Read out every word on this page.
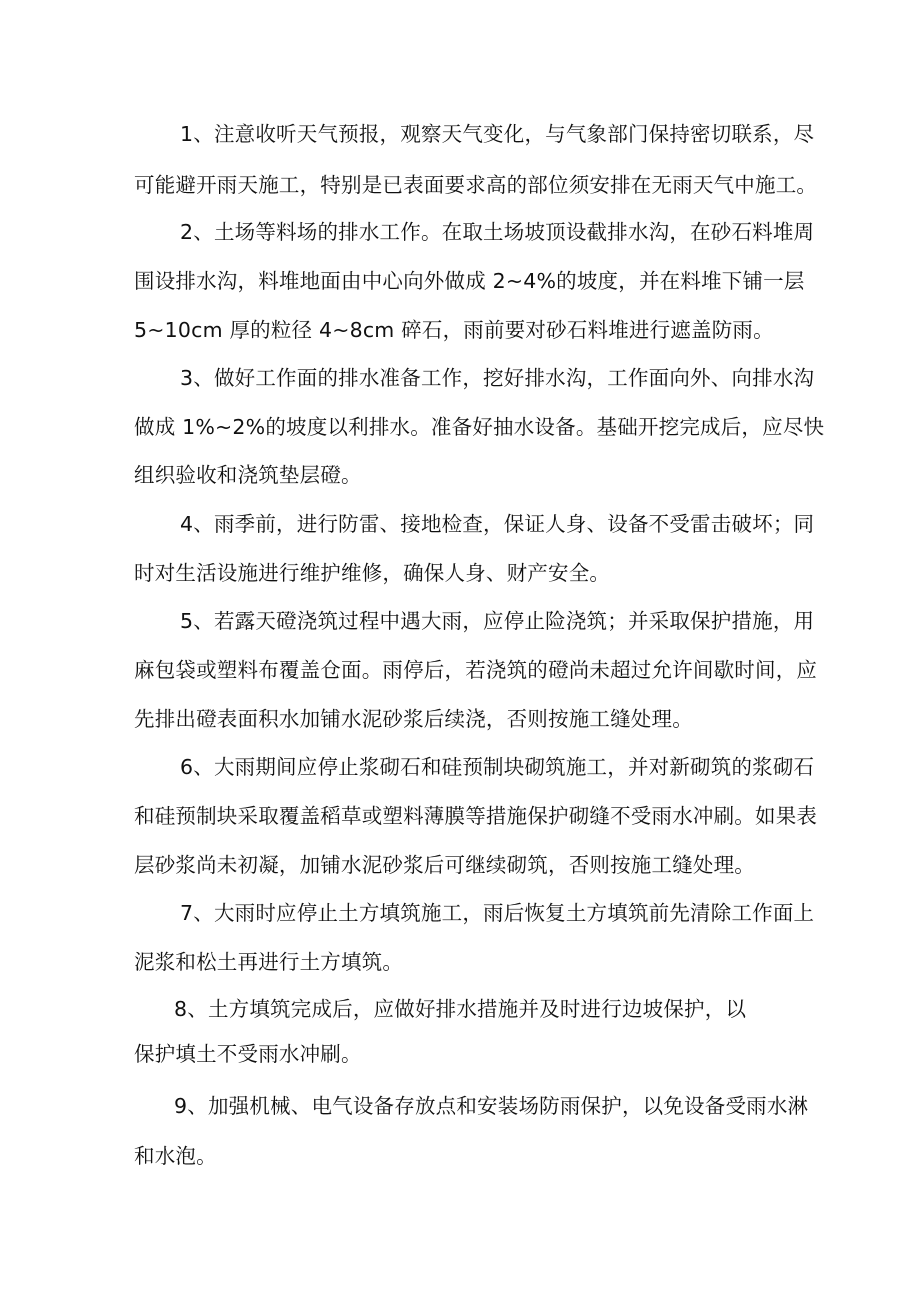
1、注意收听天气预报，观察天气变化，与气象部门保持密切联系，尽
可能避开雨天施工，特别是已表面要求高的部位须安排在无雨天气中施工。
2、土场等料场的排水工作。在取土场坡顶设截排水沟，在砂石料堆周
围设排水沟，料堆地面由中心向外做成 2~4%的坡度，并在料堆下铺一层
5~10cm 厚的粒径 4~8cm 碎石，雨前要对砂石料堆进行遮盖防雨。
3、做好工作面的排水准备工作，挖好排水沟，工作面向外、向排水沟
做成 1%~2%的坡度以利排水。准备好抽水设备。基础开挖完成后，应尽快
组织验收和浇筑垫层磴。
4、雨季前，进行防雷、接地检查，保证人身、设备不受雷击破坏；同
时对生活设施进行维护维修，确保人身、财产安全。
5、若露天磴浇筑过程中遇大雨，应停止险浇筑；并采取保护措施，用
麻包袋或塑料布覆盖仓面。雨停后，若浇筑的磴尚未超过允许间歇时间，应
先排出磴表面积水加铺水泥砂浆后续浇，否则按施工缝处理。
6、大雨期间应停止浆砌石和硅预制块砌筑施工，并对新砌筑的浆砌石
和硅预制块采取覆盖稻草或塑料薄膜等措施保护砌缝不受雨水冲刷。如果表
层砂浆尚未初凝，加铺水泥砂浆后可继续砌筑，否则按施工缝处理。
7、大雨时应停止土方填筑施工，雨后恢复土方填筑前先清除工作面上
泥浆和松土再进行土方填筑。
8、土方填筑完成后，应做好排水措施并及时进行边坡保护，以
保护填土不受雨水冲刷。
9、加强机械、电气设备存放点和安装场防雨保护，以免设备受雨水淋
和水泡。
